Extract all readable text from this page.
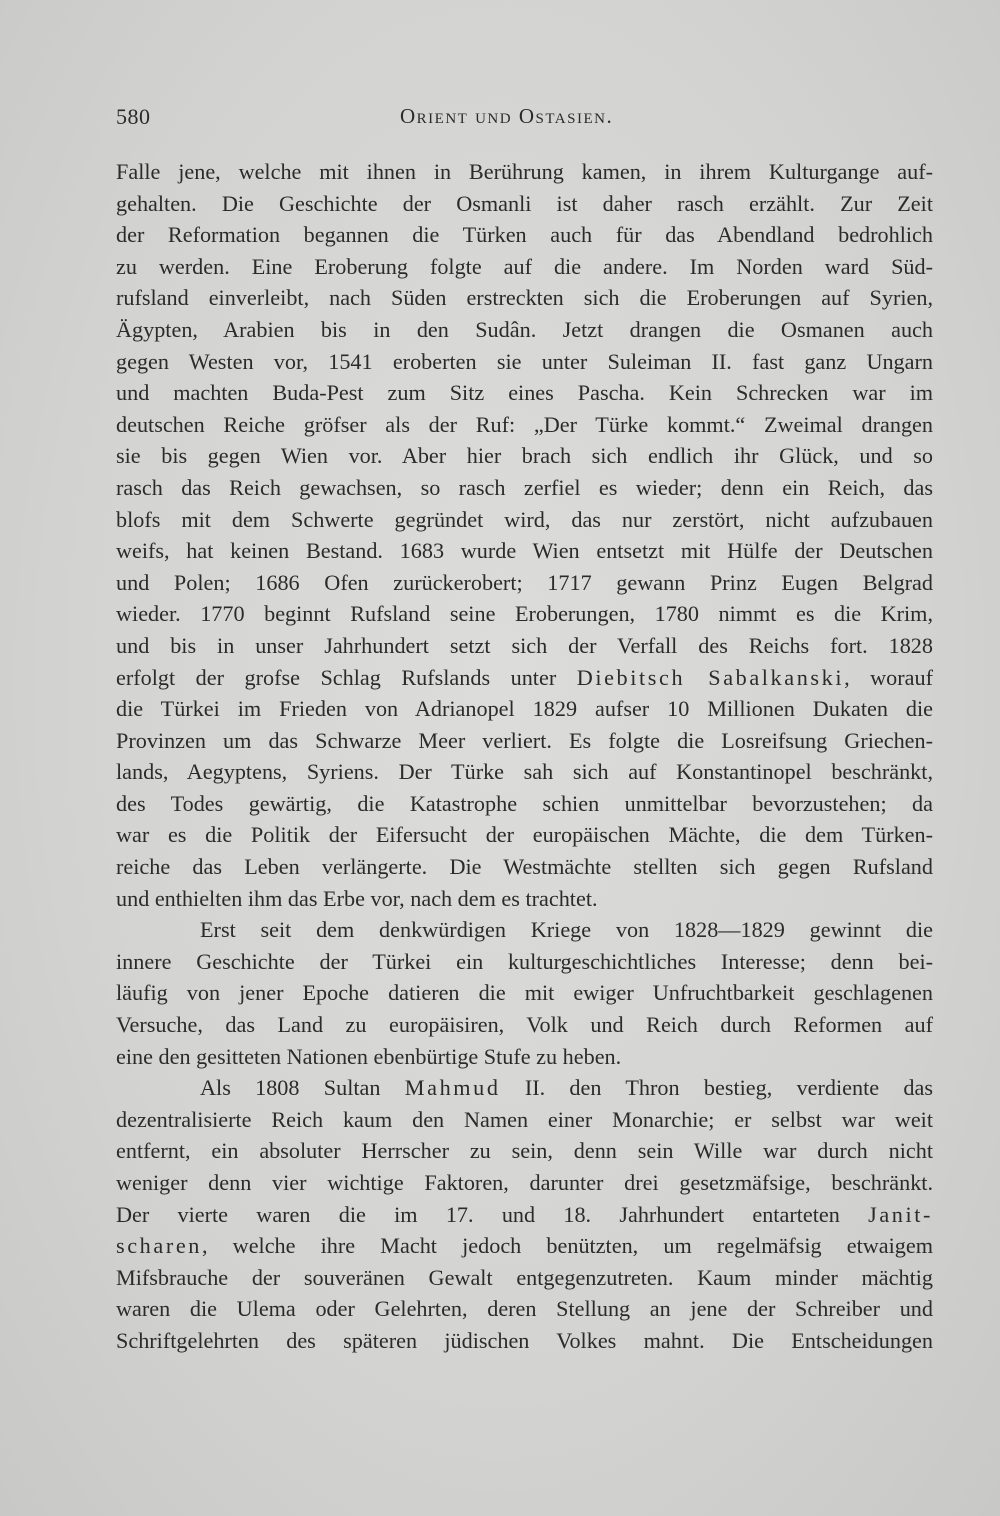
580	Orient und Ostasien.
Falle jene, welche mit ihnen in Berührung kamen, in ihrem Kulturgange auf-
gehalten. Die Geschichte der Osmanli ist daher rasch erzählt. Zur Zeit
der Reformation begannen die Türken auch für das Abendland bedrohlich
zu werden. Eine Eroberung folgte auf die andere. Im Norden ward Süd-
rufsland einverleibt, nach Süden erstreckten sich die Eroberungen auf Syrien,
Ägypten, Arabien bis in den Sudân. Jetzt drangen die Osmanen auch
gegen Westen vor, 1541 eroberten sie unter Suleiman II. fast ganz Ungarn
und machten Buda-Pest zum Sitz eines Pascha. Kein Schrecken war im
deutschen Reiche gröfser als der Ruf: „Der Türke kommt.“ Zweimal drangen
sie bis gegen Wien vor. Aber hier brach sich endlich ihr Glück, und so
rasch das Reich gewachsen, so rasch zerfiel es wieder; denn ein Reich, das
blofs mit dem Schwerte gegründet wird, das nur zerstört, nicht aufzubauen
weifs, hat keinen Bestand. 1683 wurde Wien entsetzt mit Hülfe der Deutschen
und Polen; 1686 Ofen zurückerobert; 1717 gewann Prinz Eugen Belgrad
wieder. 1770 beginnt Rufsland seine Eroberungen, 1780 nimmt es die Krim,
und bis in unser Jahrhundert setzt sich der Verfall des Reichs fort. 1828
erfolgt der grofse Schlag Rufslands unter Diebitsch Sabalkanski, worauf
die Türkei im Frieden von Adrianopel 1829 aufser 10 Millionen Dukaten die
Provinzen um das Schwarze Meer verliert. Es folgte die Losreifsung Griechen-
lands, Aegyptens, Syriens. Der Türke sah sich auf Konstantinopel beschränkt,
des Todes gewärtig, die Katastrophe schien unmittelbar bevorzustehen; da
war es die Politik der Eifersucht der europäischen Mächte, die dem Türken-
reiche das Leben verlängerte. Die Westmächte stellten sich gegen Rufsland
und enthielten ihm das Erbe vor, nach dem es trachtet.
Erst seit dem denkwürdigen Kriege von 1828—1829 gewinnt die
innere Geschichte der Türkei ein kulturgeschichtliches Interesse; denn bei-
läufig von jener Epoche datieren die mit ewiger Unfruchtbarkeit geschlagenen
Versuche, das Land zu europäisiren, Volk und Reich durch Reformen auf
eine den gesitteten Nationen ebenbürtige Stufe zu heben.
Als 1808 Sultan Mahmud II. den Thron bestieg, verdiente das
dezentralisierte Reich kaum den Namen einer Monarchie; er selbst war weit
entfernt, ein absoluter Herrscher zu sein, denn sein Wille war durch nicht
weniger denn vier wichtige Faktoren, darunter drei gesetzmäfsige, beschränkt.
Der vierte waren die im 17. und 18. Jahrhundert entarteten Janit-
scharen, welche ihre Macht jedoch benützten, um regelmäfsig etwaigem
Mifsbrauche der souveränen Gewalt entgegenzutreten. Kaum minder mächtig
waren die Ulema oder Gelehrten, deren Stellung an jene der Schreiber und
Schriftgelehrten des späteren jüdischen Volkes mahnt. Die Entscheidungen
